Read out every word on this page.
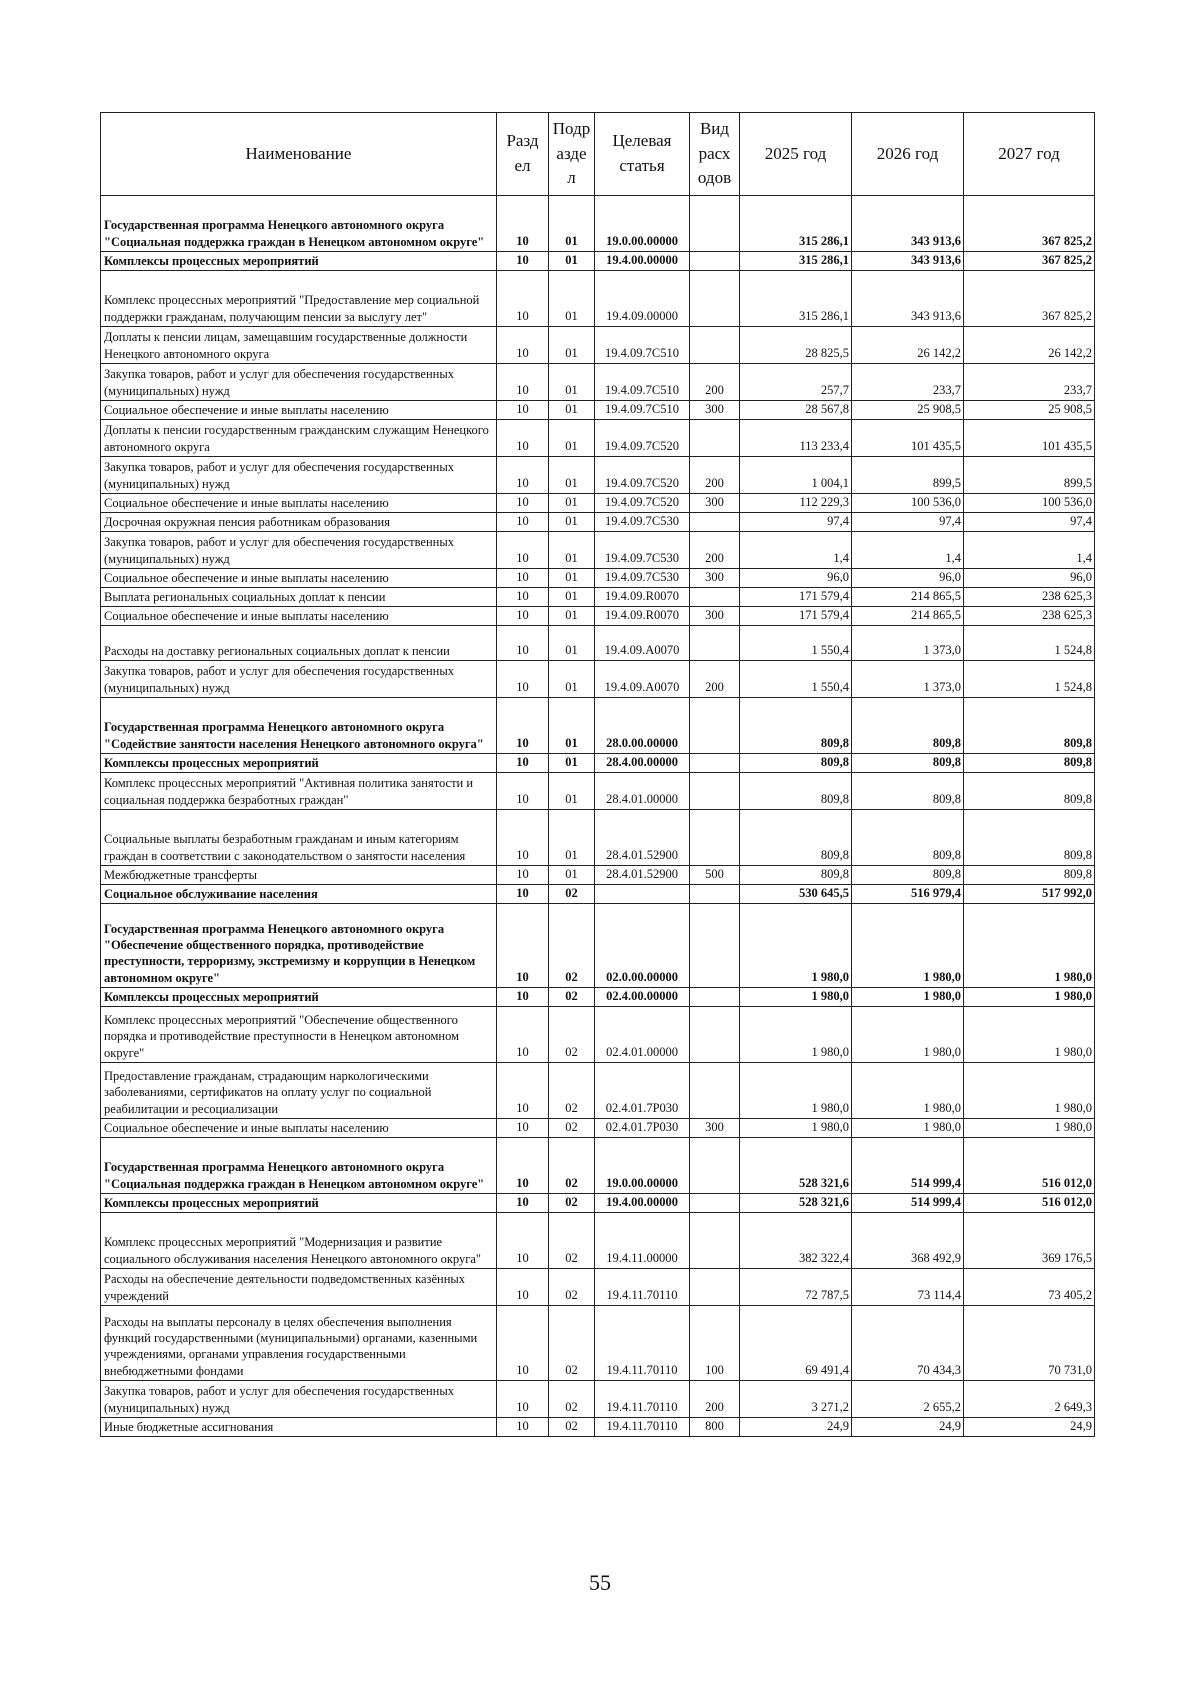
Наименование	Разд ел	Подр азде л	Целевая статья	Вид расх одов	2025 год	2026 год	2027 год
Государственная программа Ненецкого автономного округа "Социальная поддержка граждан в Ненецком автономном округе"	10	01	19.0.00.00000		315 286,1	343 913,6	367 825,2
Комплексы процессных мероприятий	10	01	19.4.00.00000		315 286,1	343 913,6	367 825,2
Комплекс процессных мероприятий "Предоставление мер социальной поддержки гражданам, получающим пенсии за выслугу лет"	10	01	19.4.09.00000		315 286,1	343 913,6	367 825,2
Доплаты к пенсии лицам, замещавшим государственные должности Ненецкого автономного округа	10	01	19.4.09.7С510		28 825,5	26 142,2	26 142,2
Закупка товаров, работ и услуг для обеспечения государственных (муниципальных) нужд	10	01	19.4.09.7С510	200	257,7	233,7	233,7
Социальное обеспечение и иные выплаты населению	10	01	19.4.09.7С510	300	28 567,8	25 908,5	25 908,5
Доплаты к пенсии государственным гражданским служащим Ненецкого автономного округа	10	01	19.4.09.7С520		113 233,4	101 435,5	101 435,5
Закупка товаров, работ и услуг для обеспечения государственных (муниципальных) нужд	10	01	19.4.09.7С520	200	1 004,1	899,5	899,5
Социальное обеспечение и иные выплаты населению	10	01	19.4.09.7С520	300	112 229,3	100 536,0	100 536,0
Досрочная окружная пенсия работникам образования	10	01	19.4.09.7С530		97,4	97,4	97,4
Закупка товаров, работ и услуг для обеспечения государственных (муниципальных) нужд	10	01	19.4.09.7С530	200	1,4	1,4	1,4
Социальное обеспечение и иные выплаты населению	10	01	19.4.09.7С530	300	96,0	96,0	96,0
Выплата региональных социальных доплат к пенсии	10	01	19.4.09.R0070		171 579,4	214 865,5	238 625,3
Социальное обеспечение и иные выплаты населению	10	01	19.4.09.R0070	300	171 579,4	214 865,5	238 625,3
Расходы на доставку региональных социальных доплат к пенсии	10	01	19.4.09.А0070		1 550,4	1 373,0	1 524,8
Закупка товаров, работ и услуг для обеспечения государственных (муниципальных) нужд	10	01	19.4.09.А0070	200	1 550,4	1 373,0	1 524,8
Государственная программа Ненецкого автономного округа "Содействие занятости населения Ненецкого автономного округа"	10	01	28.0.00.00000		809,8	809,8	809,8
Комплексы процессных мероприятий	10	01	28.4.00.00000		809,8	809,8	809,8
Комплекс процессных мероприятий "Активная политика занятости и социальная поддержка безработных граждан"	10	01	28.4.01.00000		809,8	809,8	809,8
Социальные выплаты безработным гражданам и иным категориям граждан в соответствии с законодательством о занятости населения	10	01	28.4.01.52900		809,8	809,8	809,8
Межбюджетные трансферты	10	01	28.4.01.52900	500	809,8	809,8	809,8
Социальное обслуживание населения	10	02			530 645,5	516 979,4	517 992,0
Государственная программа Ненецкого автономного округа "Обеспечение общественного порядка, противодействие преступности, терроризму, экстремизму и коррупции в Ненецком автономном округе"	10	02	02.0.00.00000		1 980,0	1 980,0	1 980,0
Комплексы процессных мероприятий	10	02	02.4.00.00000		1 980,0	1 980,0	1 980,0
Комплекс процессных мероприятий "Обеспечение общественного порядка и противодействие преступности в Ненецком автономном округе"	10	02	02.4.01.00000		1 980,0	1 980,0	1 980,0
Предоставление гражданам, страдающим наркологическими заболеваниями, сертификатов на оплату услуг по социальной реабилитации и ресоциализации	10	02	02.4.01.7Р030		1 980,0	1 980,0	1 980,0
Социальное обеспечение и иные выплаты населению	10	02	02.4.01.7Р030	300	1 980,0	1 980,0	1 980,0
Государственная программа Ненецкого автономного округа "Социальная поддержка граждан в Ненецком автономном округе"	10	02	19.0.00.00000		528 321,6	514 999,4	516 012,0
Комплексы процессных мероприятий	10	02	19.4.00.00000		528 321,6	514 999,4	516 012,0
Комплекс процессных мероприятий "Модернизация и развитие социального обслуживания населения Ненецкого автономного округа"	10	02	19.4.11.00000		382 322,4	368 492,9	369 176,5
Расходы на обеспечение деятельности подведомственных казённых учреждений	10	02	19.4.11.70110		72 787,5	73 114,4	73 405,2
Расходы на выплаты персоналу в целях обеспечения выполнения функций государственными (муниципальными) органами, казенными учреждениями, органами управления государственными внебюджетными фондами	10	02	19.4.11.70110	100	69 491,4	70 434,3	70 731,0
Закупка товаров, работ и услуг для обеспечения государственных (муниципальных) нужд	10	02	19.4.11.70110	200	3 271,2	2 655,2	2 649,3
Иные бюджетные ассигнования	10	02	19.4.11.70110	800	24,9	24,9	24,9
55
